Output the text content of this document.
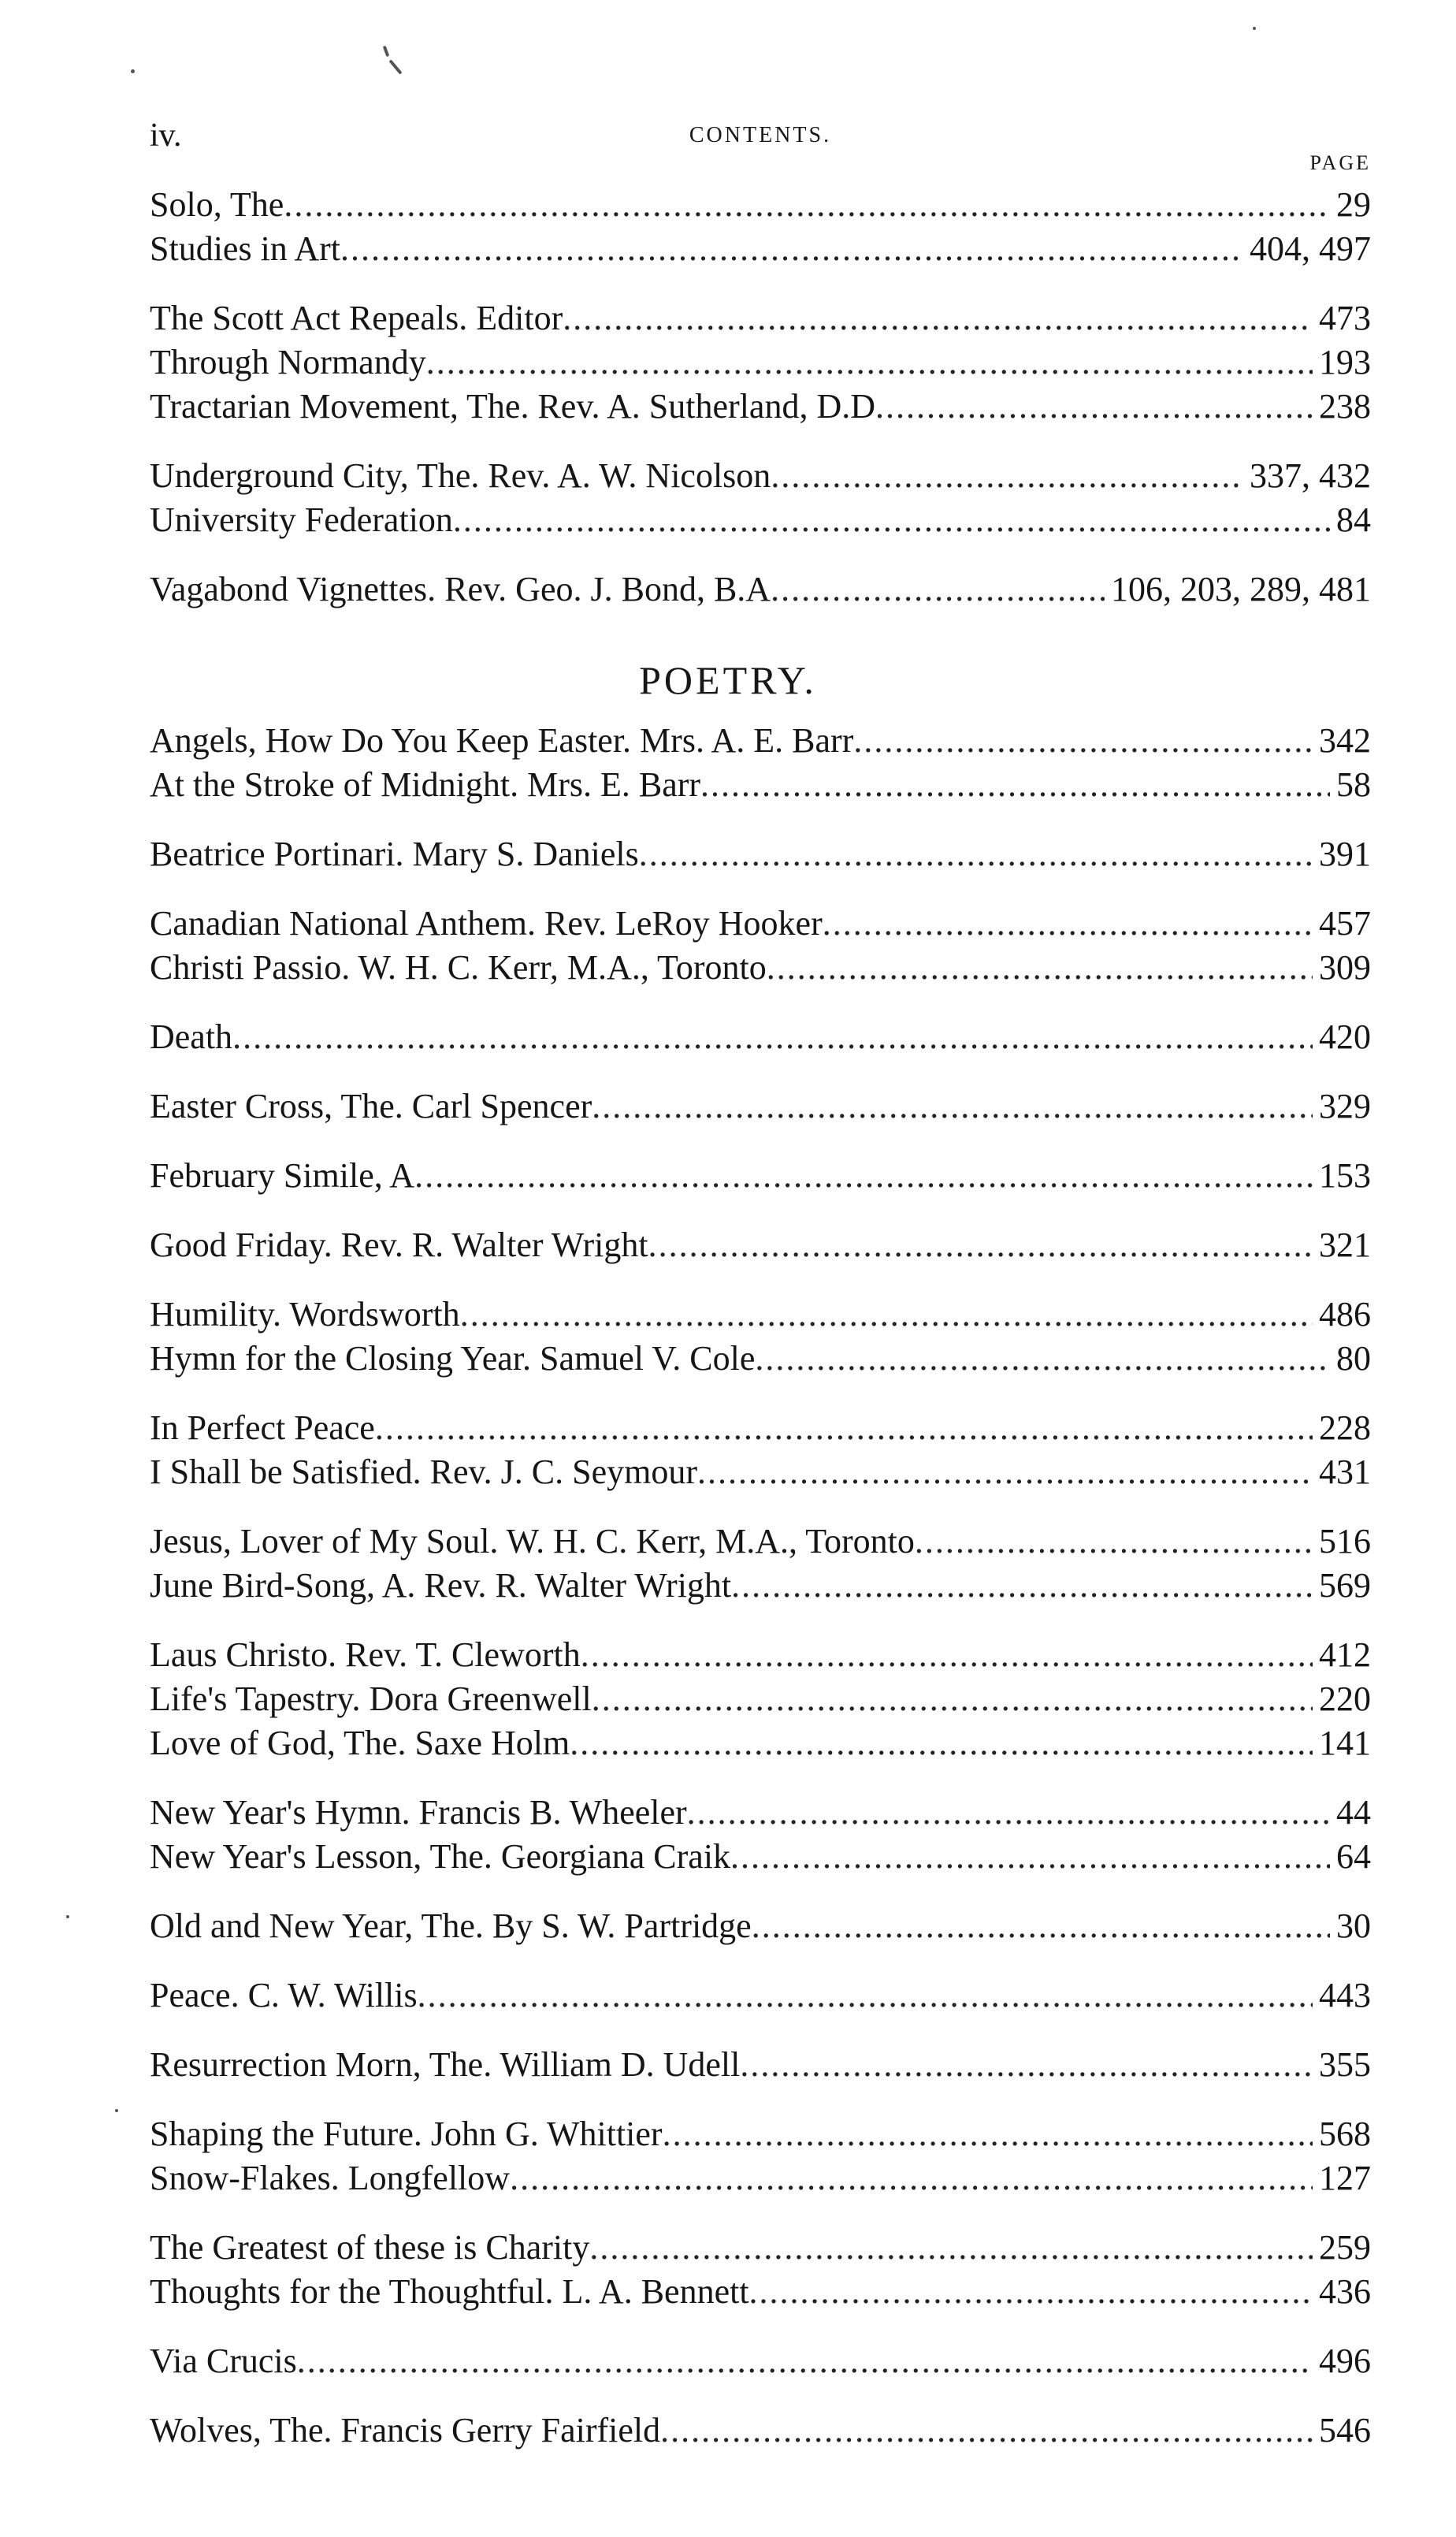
iv.	CONTENTS.
PAGE
Solo, The .....	29
Studies in Art .....	404, 497
The Scott Act Repeals. Editor .....	473
Through Normandy .....	193
Tractarian Movement, The. Rev. A. Sutherland, D.D .....	238
Underground City, The. Rev. A. W. Nicolson .....	337, 432
University Federation .....	84
Vagabond Vignettes. Rev. Geo. J. Bond, B.A .....	106, 203, 289, 481
POETRY.
Angels, How Do You Keep Easter. Mrs. A. E. Barr .....	342
At the Stroke of Midnight. Mrs. E. Barr .....	58
Beatrice Portinari. Mary S. Daniels .....	391
Canadian National Anthem. Rev. LeRoy Hooker .....	457
Christi Passio. W. H. C. Kerr, M.A., Toronto .....	309
Death .....	420
Easter Cross, The. Carl Spencer .....	329
February Simile, A .....	153
Good Friday. Rev. R. Walter Wright .....	321
Humility. Wordsworth .....	486
Hymn for the Closing Year. Samuel V. Cole .....	80
In Perfect Peace .....	228
I Shall be Satisfied. Rev. J. C. Seymour .....	431
Jesus, Lover of My Soul. W. H. C. Kerr, M.A., Toronto .....	516
June Bird-Song, A. Rev. R. Walter Wright .....	569
Laus Christo. Rev. T. Cleworth .....	412
Life's Tapestry. Dora Greenwell .....	220
Love of God, The. Saxe Holm .....	141
New Year's Hymn. Francis B. Wheeler .....	44
New Year's Lesson, The. Georgiana Craik .....	64
Old and New Year, The. By S. W. Partridge .....	30
Peace. C. W. Willis .....	443
Resurrection Morn, The. William D. Udell .....	355
Shaping the Future. John G. Whittier .....	568
Snow-Flakes. Longfellow .....	127
The Greatest of these is Charity .....	259
Thoughts for the Thoughtful. L. A. Bennett .....	436
Via Crucis .....	496
Wolves, The. Francis Gerry Fairfield .....	546
